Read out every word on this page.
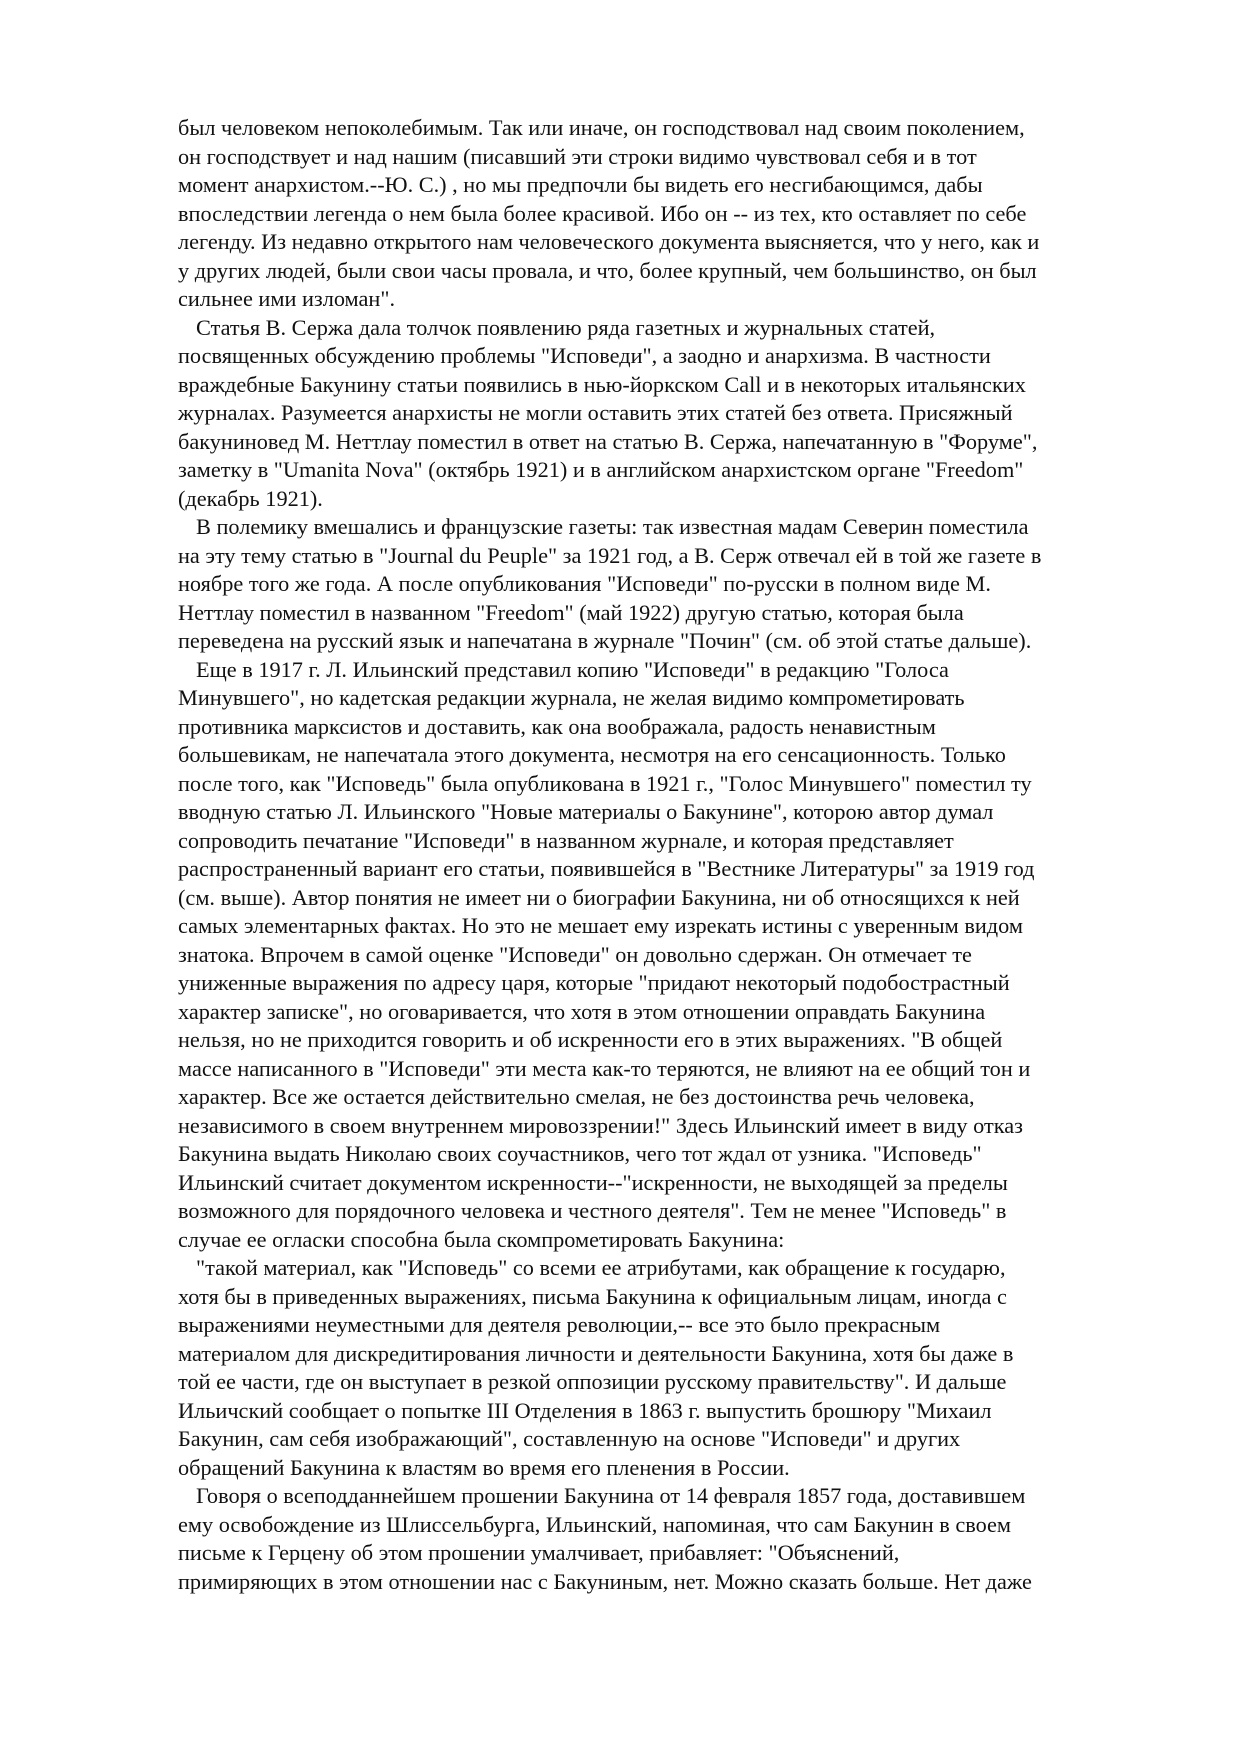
был человеком непоколебимым. Так или иначе, он господствовал над своим поколением,
он господствует и над нашим (писавший эти строки видимо чувствовал себя и в тот
момент анархистом.--Ю. С.) , но мы предпочли бы видеть его несгибающимся, дабы
впоследствии легенда о нем была более красивой. Ибо он -- из тех, кто оставляет по себе
легенду. Из недавно открытого нам человеческого документа выясняется, что у него, как и
у других людей, были свои часы провала, и что, более крупный, чем большинство, он был
сильнее ими изломан".

Статья В. Сержа дала толчок появлению ряда газетных и журнальных статей,
посвященных обсуждению проблемы "Исповеди", а заодно и анархизма. В частности
враждебные Бакунину статьи появились в нью-йоркском Call и в некоторых итальянских
журналах. Разумеется анархисты не могли оставить этих статей без ответа. Присяжный
бакуниновед М. Неттлау поместил в ответ на статью В. Сержа, напечатанную в "Форуме",
заметку в "Umanita Nova" (октябрь 1921) и в английском анархистском органе "Freedom"
(декабрь 1921).

В полемику вмешались и французские газеты: так известная мадам Северин поместила
на эту тему статью в "Journal du Peuple" за 1921 год, а В. Серж отвечал ей в той же газете в
ноябре того же года. А после опубликования "Исповеди" по-русски в полном виде М.
Неттлау поместил в названном "Freedom" (май 1922) другую статью, которая была
переведена на русский язык и напечатана в журнале "Почин" (см. об этой статье дальше).

Еще в 1917 г. Л. Ильинский представил копию "Исповеди" в редакцию "Голоса
Минувшего", но кадетская редакции журнала, не желая видимо компрометировать
противника марксистов и доставить, как она воображала, радость ненавистным
большевикам, не напечатала этого документа, несмотря на его сенсационность. Только
после того, как "Исповедь" была опубликована в 1921 г., "Голос Минувшего" поместил ту
вводную статью Л. Ильинского "Новые материалы о Бакунине", которою автор думал
сопроводить печатание "Исповеди" в названном журнале, и которая представляет
распространенный вариант его статьи, появившейся в "Вестнике Литературы" за 1919 год
(см. выше). Автор понятия не имеет ни о биографии Бакунина, ни об относящихся к ней
самых элементарных фактах. Но это не мешает ему изрекать истины с уверенным видом
знатока. Впрочем в самой оценке "Исповеди" он довольно сдержан. Он отмечает те
униженные выражения по адресу царя, которые "придают некоторый подобострастный
характер записке", но оговаривается, что хотя в этом отношении оправдать Бакунина
нельзя, но не приходится говорить и об искренности его в этих выражениях. "В общей
массе написанного в "Исповеди" эти места как-то теряются, не влияют на ее общий тон и
характер. Все же остается действительно смелая, не без достоинства речь человека,
независимого в своем внутреннем мировоззрении!" Здесь Ильинский имеет в виду отказ
Бакунина выдать Николаю своих соучастников, чего тот ждал от узника. "Исповедь"
Ильинский считает документом искренности--"искренности, не выходящей за пределы
возможного для порядочного человека и честного деятеля". Тем не менее "Исповедь" в
случае ее огласки способна была скомпрометировать Бакунина:

"такой материал, как "Исповедь" со всеми ее атрибутами, как обращение к государю,
хотя бы в приведенных выражениях, письма Бакунина к официальным лицам, иногда с
выражениями неуместными для деятеля революции,-- все это было прекрасным
материалом для дискредитирования личности и деятельности Бакунина, хотя бы даже в
той ее части, где он выступает в резкой оппозиции русскому правительству". И дальше
Ильичский сообщает о попытке III Отделения в 1863 г. выпустить брошюру "Михаил
Бакунин, сам себя изображающий", составленную на основе "Исповеди" и других
обращений Бакунина к властям во время его пленения в России.

Говоря о всеподданнейшем прошении Бакунина от 14 февраля 1857 года, доставившем
ему освобождение из Шлиссельбурга, Ильинский, напоминая, что сам Бакунин в своем
письме к Герцену об этом прошении умалчивает, прибавляет: "Объяснений,
примиряющих в этом отношении нас с Бакуниным, нет. Можно сказать больше. Нет даже
